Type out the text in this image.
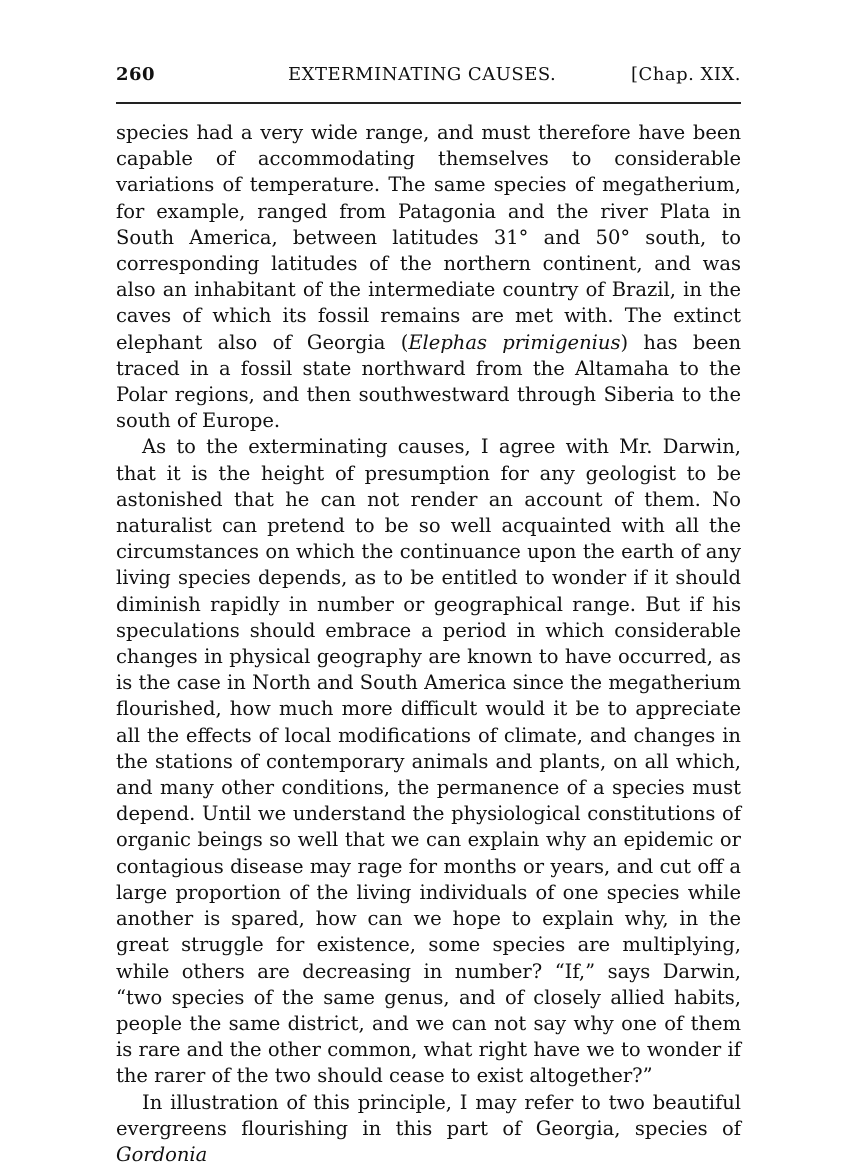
260	EXTERMINATING CAUSES.	[Chap. XIX.

species had a very wide range, and must therefore have been capable of accommodating themselves to considerable variations of temperature. The same species of megatherium, for example, ranged from Patagonia and the river Plata in South America, between latitudes 31° and 50° south, to corresponding latitudes of the northern continent, and was also an inhabitant of the intermediate country of Brazil, in the caves of which its fossil remains are met with. The extinct elephant also of Georgia (Elephas primigenius) has been traced in a fossil state northward from the Altamaha to the Polar regions, and then southwestward through Siberia to the south of Europe.

As to the exterminating causes, I agree with Mr. Darwin, that it is the height of presumption for any geologist to be astonished that he can not render an account of them. No naturalist can pretend to be so well acquainted with all the circumstances on which the continuance upon the earth of any living species depends, as to be entitled to wonder if it should diminish rapidly in number or geographical range. But if his speculations should embrace a period in which considerable changes in physical geography are known to have occurred, as is the case in North and South America since the megatherium flourished, how much more difficult would it be to appreciate all the effects of local modifications of climate, and changes in the stations of contemporary animals and plants, on all which, and many other conditions, the permanence of a species must depend. Until we understand the physiological constitutions of organic beings so well that we can explain why an epidemic or contagious disease may rage for months or years, and cut off a large proportion of the living individuals of one species while another is spared, how can we hope to explain why, in the great struggle for existence, some species are multiplying, while others are decreasing in number? “If,” says Darwin, “two species of the same genus, and of closely allied habits, people the same district, and we can not say why one of them is rare and the other common, what right have we to wonder if the rarer of the two should cease to exist altogether?”

In illustration of this principle, I may refer to two beautiful evergreens flourishing in this part of Georgia, species of Gordonia
